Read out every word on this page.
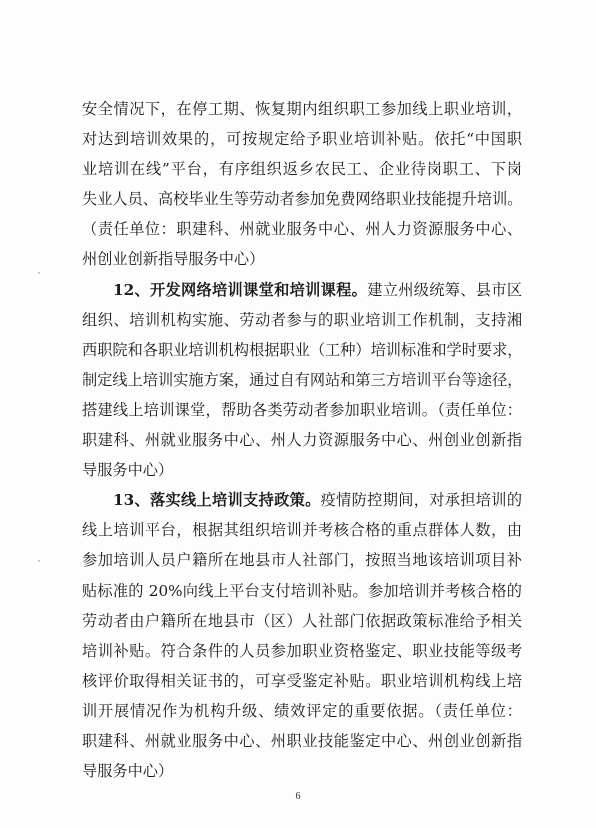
安全情况下，在停工期、恢复期内组织职工参加线上职业培训，
对达到培训效果的，可按规定给予职业培训补贴。依托“中国职
业培训在线”平台，有序组织返乡农民工、企业待岗职工、下岗
失业人员、高校毕业生等劳动者参加免费网络职业技能提升培训。
（责任单位：职建科、州就业服务中心、州人力资源服务中心、
州创业创新指导服务中心）
12、开发网络培训课堂和培训课程。建立州级统筹、县市区
组织、培训机构实施、劳动者参与的职业培训工作机制，支持湘
西职院和各职业培训机构根据职业（工种）培训标准和学时要求，
制定线上培训实施方案，通过自有网站和第三方培训平台等途径，
搭建线上培训课堂，帮助各类劳动者参加职业培训。（责任单位：
职建科、州就业服务中心、州人力资源服务中心、州创业创新指
导服务中心）
13、落实线上培训支持政策。疫情防控期间，对承担培训的
线上培训平台，根据其组织培训并考核合格的重点群体人数，由
参加培训人员户籍所在地县市人社部门，按照当地该培训项目补
贴标准的 20%向线上平台支付培训补贴。参加培训并考核合格的
劳动者由户籍所在地县市（区）人社部门依据政策标准给予相关
培训补贴。符合条件的人员参加职业资格鉴定、职业技能等级考
核评价取得相关证书的，可享受鉴定补贴。职业培训机构线上培
训开展情况作为机构升级、绩效评定的重要依据。（责任单位：
职建科、州就业服务中心、州职业技能鉴定中心、州创业创新指
导服务中心）
6
